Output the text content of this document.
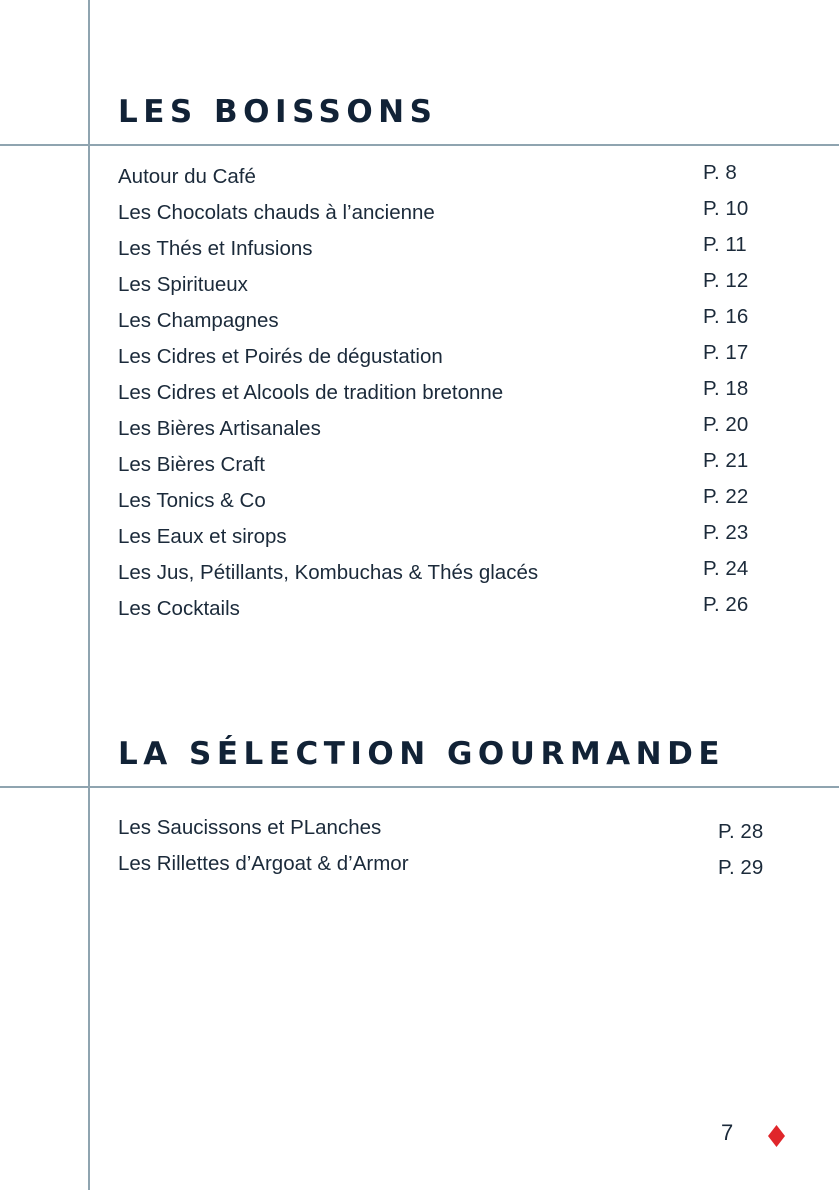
LES BOISSONS
Autour du Café	P. 8
Les Chocolats chauds à l’ancienne	P. 10
Les Thés et Infusions	P. 11
Les Spiritueux	P. 12
Les Champagnes	P. 16
Les Cidres et Poirés de dégustation	P. 17
Les Cidres et Alcools de tradition bretonne	P. 18
Les Bières Artisanales	P. 20
Les Bières Craft	P. 21
Les Tonics & Co	P. 22
Les Eaux et sirops	P. 23
Les Jus, Pétillants, Kombuchas & Thés glacés	P. 24
Les Cocktails	P. 26
LA SÉLECTION GOURMANDE
Les Saucissons et PLanches	P. 28
Les Rillettes d’Argoat & d’Armor	P. 29
7
